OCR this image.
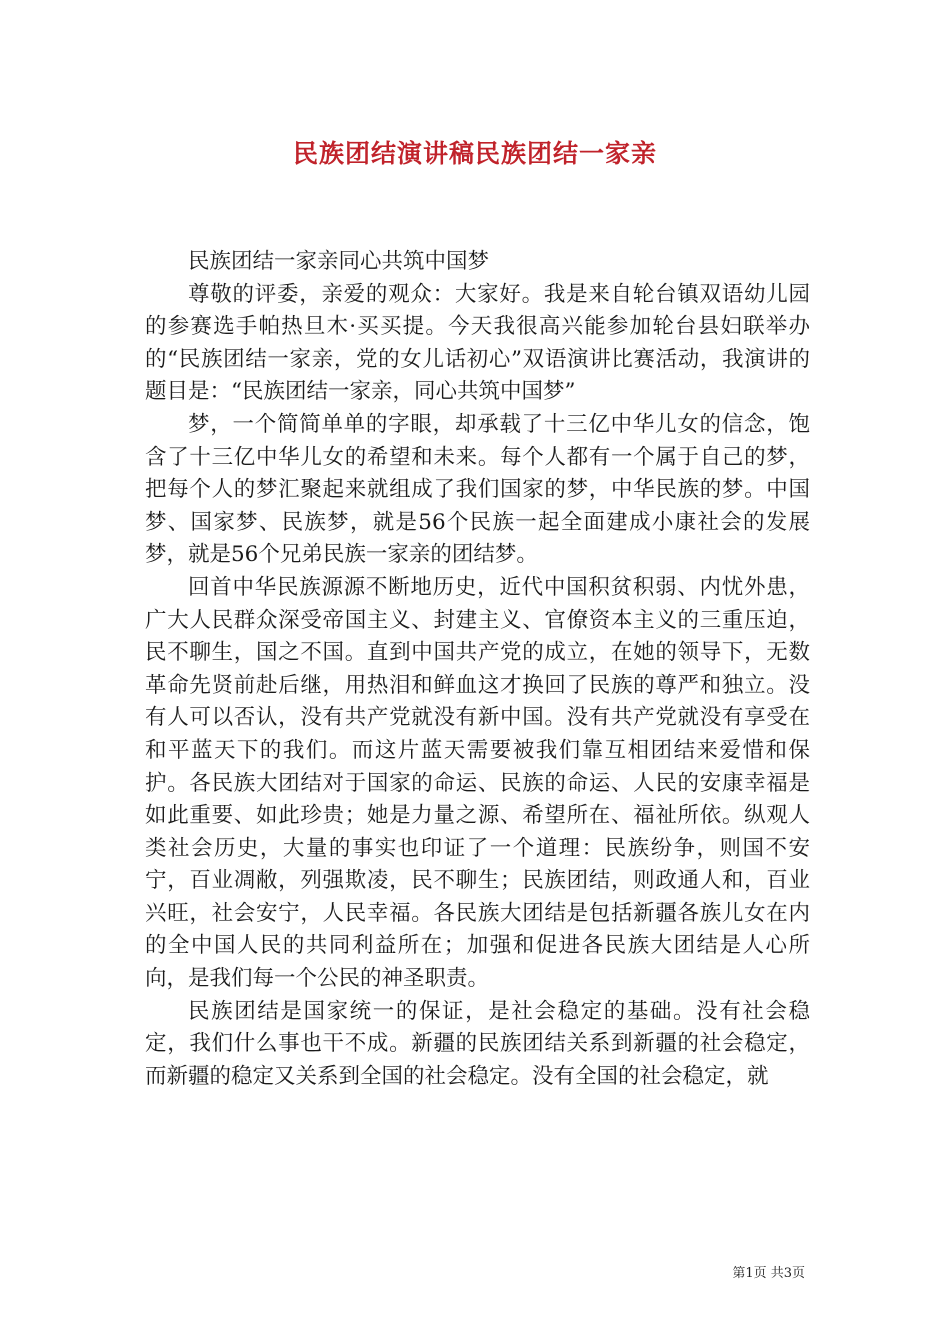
民族团结演讲稿民族团结一家亲

民族团结一家亲同心共筑中国梦

尊敬的评委，亲爱的观众：大家好。我是来自轮台镇双语幼儿园的参赛选手帕热旦木·买买提。今天我很高兴能参加轮台县妇联举办的“民族团结一家亲，党的女儿话初心”双语演讲比赛活动，我演讲的题目是：“民族团结一家亲，同心共筑中国梦”

梦，一个简简单单的字眼，却承载了十三亿中华儿女的信念，饱含了十三亿中华儿女的希望和未来。每个人都有一个属于自己的梦，把每个人的梦汇聚起来就组成了我们国家的梦，中华民族的梦。中国梦、国家梦、民族梦，就是56个民族一起全面建成小康社会的发展梦，就是56个兄弟民族一家亲的团结梦。

回首中华民族源源不断地历史，近代中国积贫积弱、内忧外患，广大人民群众深受帝国主义、封建主义、官僚资本主义的三重压迫，民不聊生，国之不国。直到中国共产党的成立，在她的领导下，无数革命先贤前赴后继，用热泪和鲜血这才换回了民族的尊严和独立。没有人可以否认，没有共产党就没有新中国。没有共产党就没有享受在和平蓝天下的我们。而这片蓝天需要被我们靠互相团结来爱惜和保护。各民族大团结对于国家的命运、民族的命运、人民的安康幸福是如此重要、如此珍贵；她是力量之源、希望所在、福祉所依。纵观人类社会历史，大量的事实也印证了一个道理：民族纷争，则国不安宁，百业凋敝，列强欺凌，民不聊生；民族团结，则政通人和，百业兴旺，社会安宁，人民幸福。各民族大团结是包括新疆各族儿女在内的全中国人民的共同利益所在；加强和促进各民族大团结是人心所向，是我们每一个公民的神圣职责。

民族团结是国家统一的保证，是社会稳定的基础。没有社会稳定，我们什么事也干不成。新疆的民族团结关系到新疆的社会稳定，而新疆的稳定又关系到全国的社会稳定。没有全国的社会稳定，就

第1页 共3页
